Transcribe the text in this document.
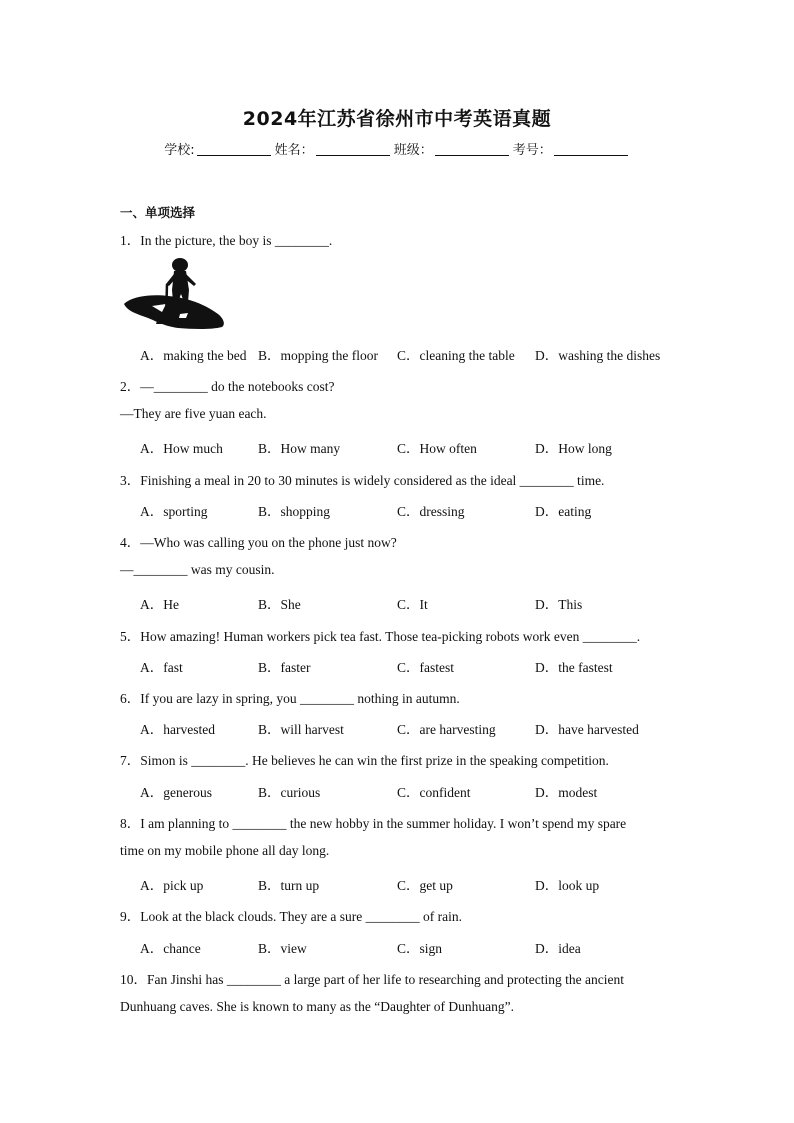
2024年江苏省徐州市中考英语真题
学校:	姓名：	班级：	考号：
一、单项选择
1．In the picture, the boy is ________.
A．making the bed B．mopping the floor C．cleaning the table D．washing the dishes
2．—________ do the notebooks cost?
—They are five yuan each.
A．How much	B．How many	C．How often	D．How long
3．Finishing a meal in 20 to 30 minutes is widely considered as the ideal ________ time.
A．sporting	B．shopping	C．dressing	D．eating
4．—Who was calling you on the phone just now?
—________ was my cousin.
A．He	B．She	C．It	D．This
5．How amazing! Human workers pick tea fast. Those tea-picking robots work even ________.
A．fast	B．faster	C．fastest	D．the fastest
6．If you are lazy in spring, you ________ nothing in autumn.
A．harvested	B．will harvest	C．are harvesting	D．have harvested
7．Simon is ________. He believes he can win the first prize in the speaking competition.
A．generous	B．curious	C．confident	D．modest
8．I am planning to ________ the new hobby in the summer holiday. I won’t spend my spare
time on my mobile phone all day long.
A．pick up	B．turn up	C．get up	D．look up
9．Look at the black clouds. They are a sure ________ of rain.
A．chance	B．view	C．sign	D．idea
10．Fan Jinshi has ________ a large part of her life to researching and protecting the ancient
Dunhuang caves. She is known to many as the “Daughter of Dunhuang”.
